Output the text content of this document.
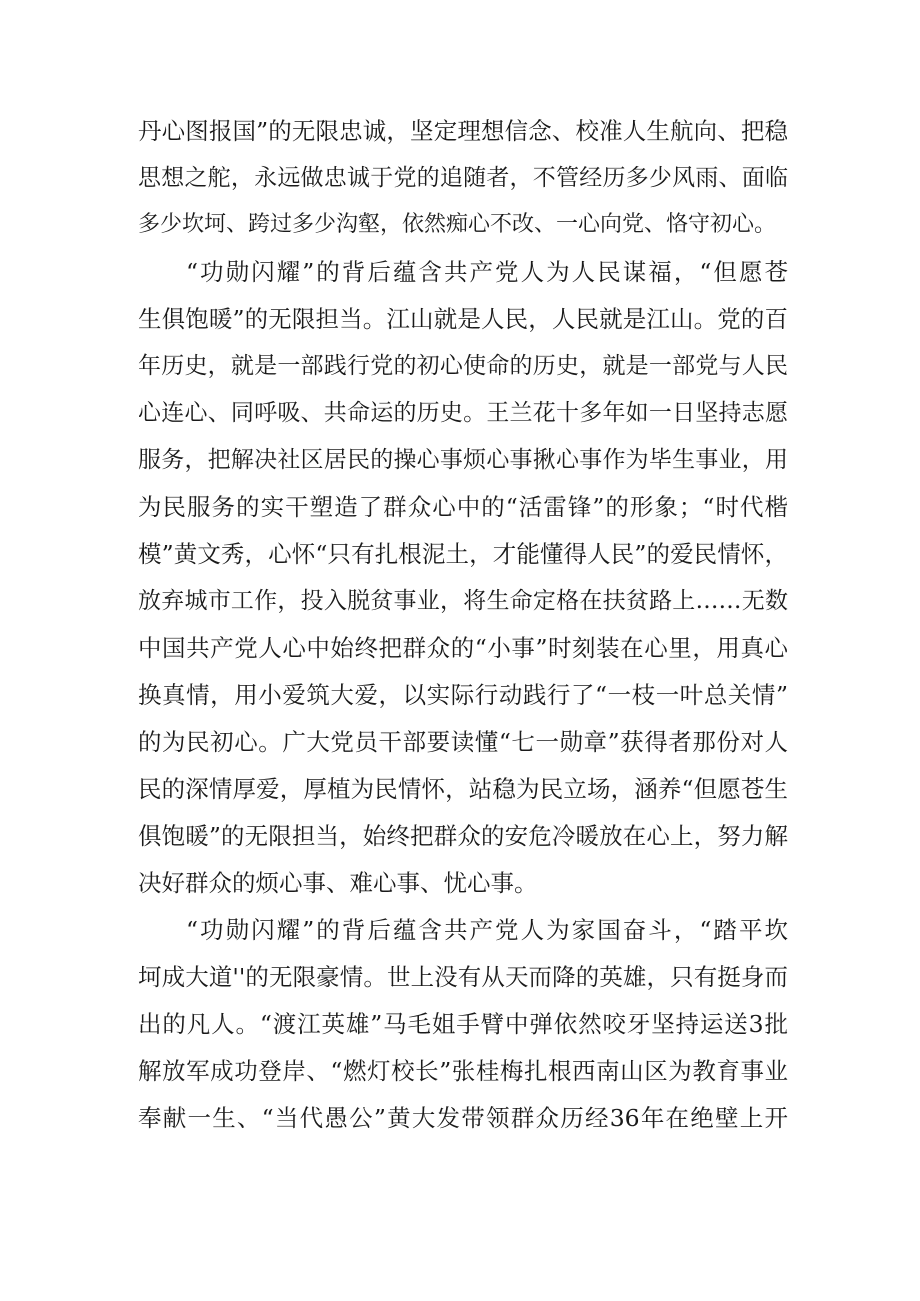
丹心图报国”的无限忠诚，坚定理想信念、校准人生航向、把稳
思想之舵，永远做忠诚于党的追随者，不管经历多少风雨、面临
多少坎坷、跨过多少沟壑，依然痴心不改、一心向党、恪守初心。
“功勋闪耀”的背后蕴含共产党人为人民谋福，“但愿苍
生俱饱暖”的无限担当。江山就是人民，人民就是江山。党的百
年历史，就是一部践行党的初心使命的历史，就是一部党与人民
心连心、同呼吸、共命运的历史。王兰花十多年如一日坚持志愿
服务，把解决社区居民的操心事烦心事揪心事作为毕生事业，用
为民服务的实干塑造了群众心中的“活雷锋”的形象；“时代楷
模”黄文秀，心怀“只有扎根泥土，才能懂得人民”的爱民情怀，
放弃城市工作，投入脱贫事业，将生命定格在扶贫路上……无数
中国共产党人心中始终把群众的“小事”时刻装在心里，用真心
换真情，用小爱筑大爱，以实际行动践行了“一枝一叶总关情”
的为民初心。广大党员干部要读懂“七一勋章”获得者那份对人
民的深情厚爱，厚植为民情怀，站稳为民立场，涵养“但愿苍生
俱饱暖”的无限担当，始终把群众的安危冷暖放在心上，努力解
决好群众的烦心事、难心事、忧心事。
“功勋闪耀”的背后蕴含共产党人为家国奋斗，“踏平坎
坷成大道''的无限豪情。世上没有从天而降的英雄，只有挺身而
出的凡人。“渡江英雄”马毛姐手臂中弹依然咬牙坚持运送3批
解放军成功登岸、“燃灯校长”张桂梅扎根西南山区为教育事业
奉献一生、“当代愚公”黄大发带领群众历经36年在绝壁上开
